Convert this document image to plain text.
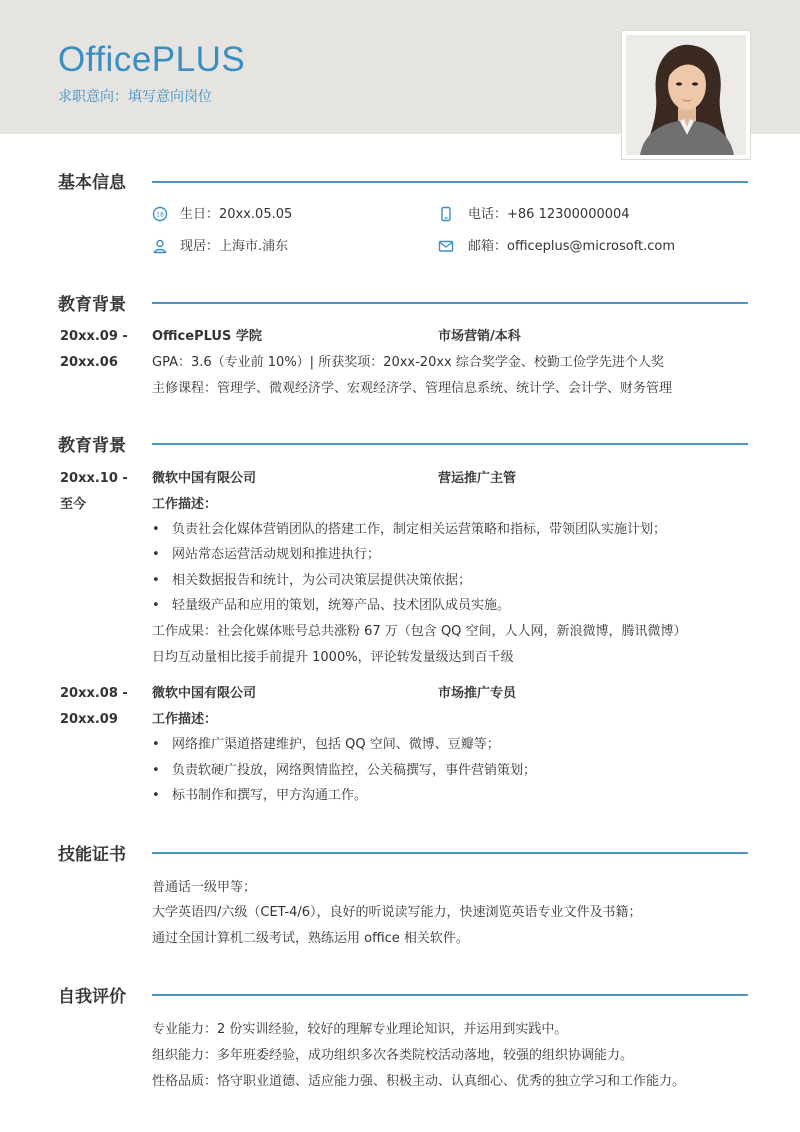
OfficePLUS
求职意向：填写意向岗位
基本信息
18 生日：20xx.05.05	电话：+86 12300000004
现居：上海市.浦东	邮箱：officeplus@microsoft.com
教育背景
20xx.09 -
20xx.06
OfficePLUS 学院	市场营销/本科
GPA：3.6（专业前 10%）| 所获奖项：20xx-20xx 综合奖学金、校勤工俭学先进个人奖
主修课程：管理学、微观经济学、宏观经济学、管理信息系统、统计学、会计学、财务管理
教育背景
20xx.10 -
至今
微软中国有限公司	营运推广主管
工作描述：
• 负责社会化媒体营销团队的搭建工作，制定相关运营策略和指标，带领团队实施计划；
• 网站常态运营活动规划和推进执行；
• 相关数据报告和统计，为公司决策层提供决策依据；
• 轻量级产品和应用的策划，统筹产品、技术团队成员实施。
工作成果：社会化媒体账号总共涨粉 67 万（包含 QQ 空间，人人网，新浪微博，腾讯微博）
日均互动量相比接手前提升 1000%，评论转发量级达到百千级
20xx.08 -
20xx.09
微软中国有限公司	市场推广专员
工作描述：
• 网络推广渠道搭建维护，包括 QQ 空间、微博、豆瓣等；
• 负责软硬广投放，网络舆情监控，公关稿撰写，事件营销策划；
• 标书制作和撰写，甲方沟通工作。
技能证书
普通话一级甲等；
大学英语四/六级（CET-4/6），良好的听说读写能力，快速浏览英语专业文件及书籍；
通过全国计算机二级考试，熟练运用 office 相关软件。
自我评价
专业能力：2 份实训经验，较好的理解专业理论知识，并运用到实践中。
组织能力：多年班委经验，成功组织多次各类院校活动落地，较强的组织协调能力。
性格品质：恪守职业道德、适应能力强、积极主动、认真细心、优秀的独立学习和工作能力。
